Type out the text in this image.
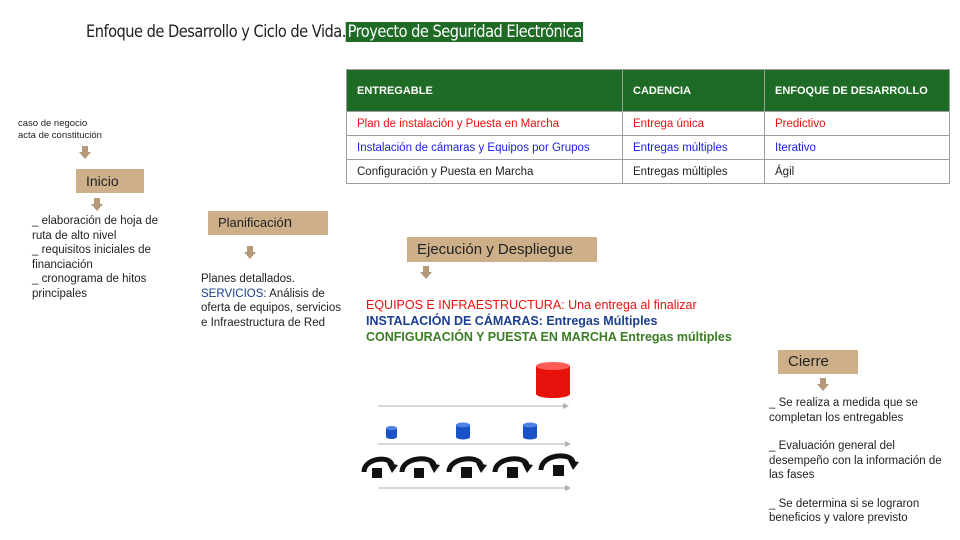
Enfoque de Desarrollo y Ciclo de Vida. Proyecto de Seguridad Electrónica
ENTREGABLE	CADENCIA	ENFOQUE DE DESARROLLO
Plan de instalación y Puesta en Marcha	Entrega única	Predictivo
Instalación de cámaras y Equipos por Grupos	Entregas múltiples	Iterativo
Configuración y Puesta en Marcha	Entregas múltiples	Ágil
caso de negocio
acta de constitución
Inicio
_ elaboración de hoja de ruta de alto nivel
_ requisitos iniciales de financiación
_ cronograma de hitos principales
Planificación
Planes detallados.
SERVICIOS: Análisis de oferta de equipos, servicios e Infraestructura de Red
Ejecución y Despliegue
EQUIPOS E INFRAESTRUCTURA: Una entrega al finalizar
INSTALACIÓN DE CÁMARAS: Entregas Múltiples
CONFIGURACIÓN Y PUESTA EN MARCHA Entregas múltiples
Cierre
_ Se realiza a medida que se completan los entregables
_ Evaluación general del desempeño con la información de las fases
_ Se determina si se lograron beneficios y valore previsto
